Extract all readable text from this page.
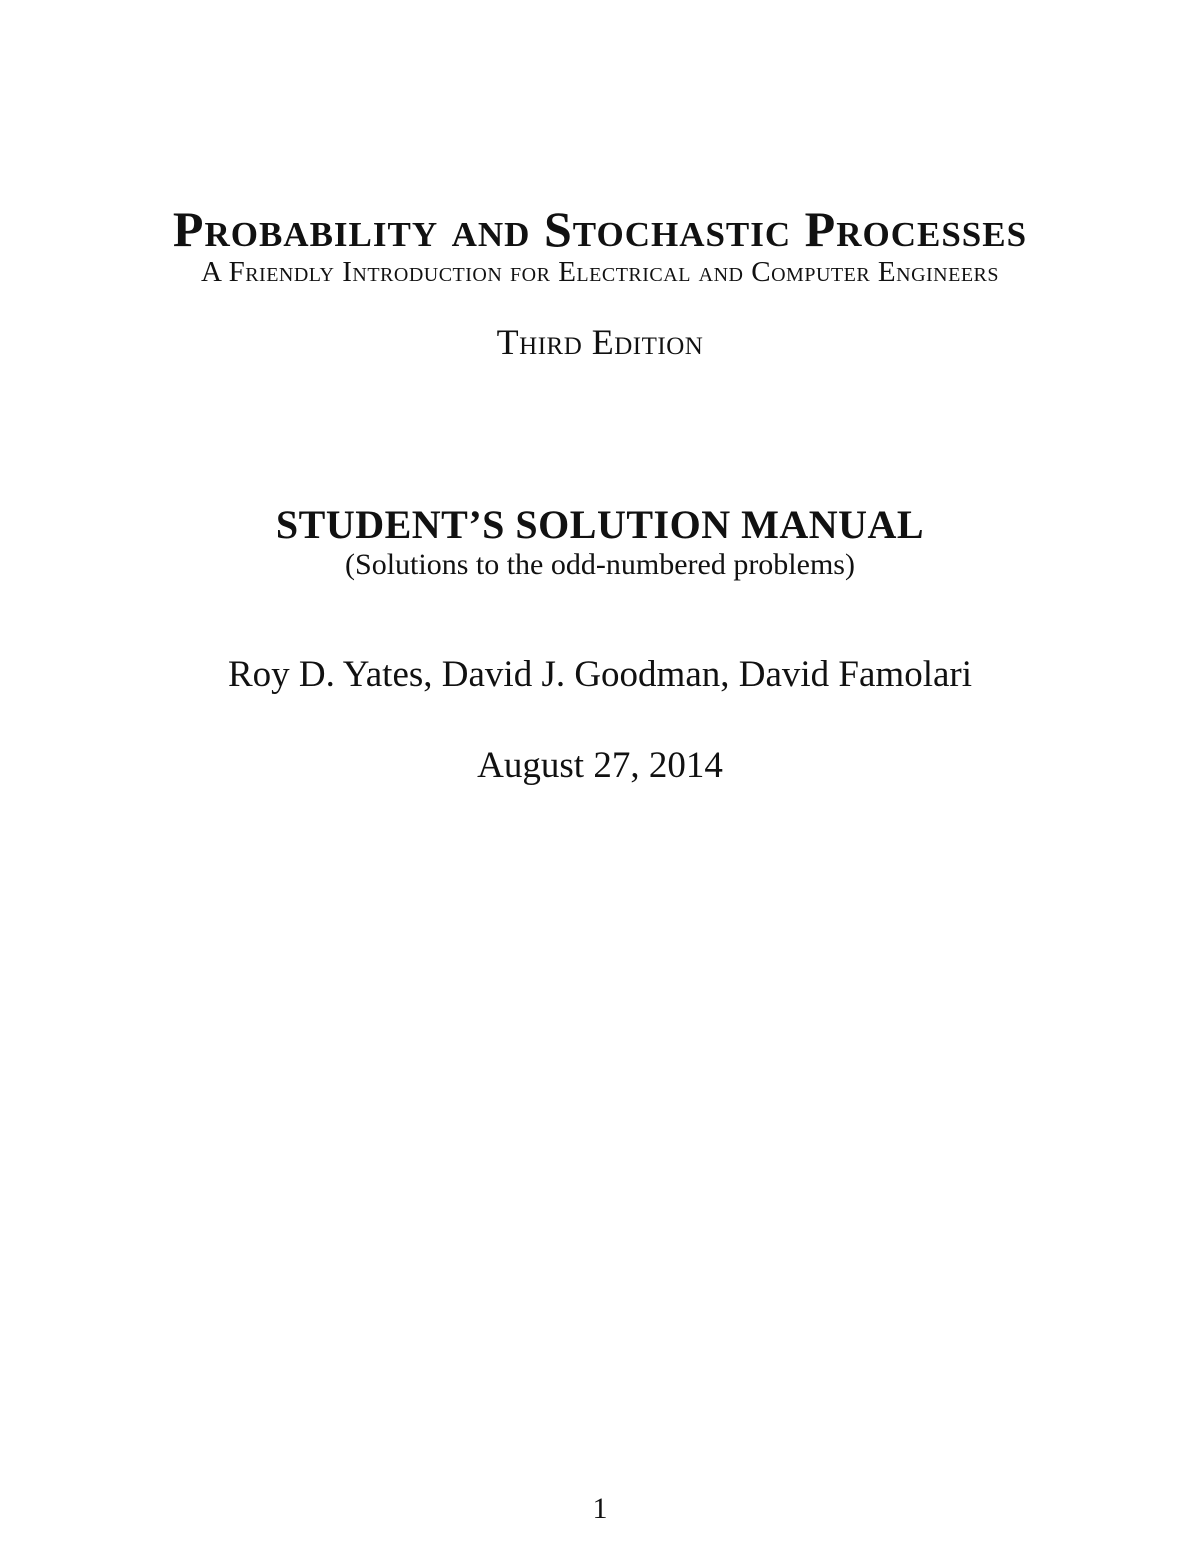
Probability and Stochastic Processes
A Friendly Introduction for Electrical and Computer Engineers
Third Edition
STUDENT’S SOLUTION MANUAL
(Solutions to the odd-numbered problems)
Roy D. Yates, David J. Goodman, David Famolari
August 27, 2014
1
